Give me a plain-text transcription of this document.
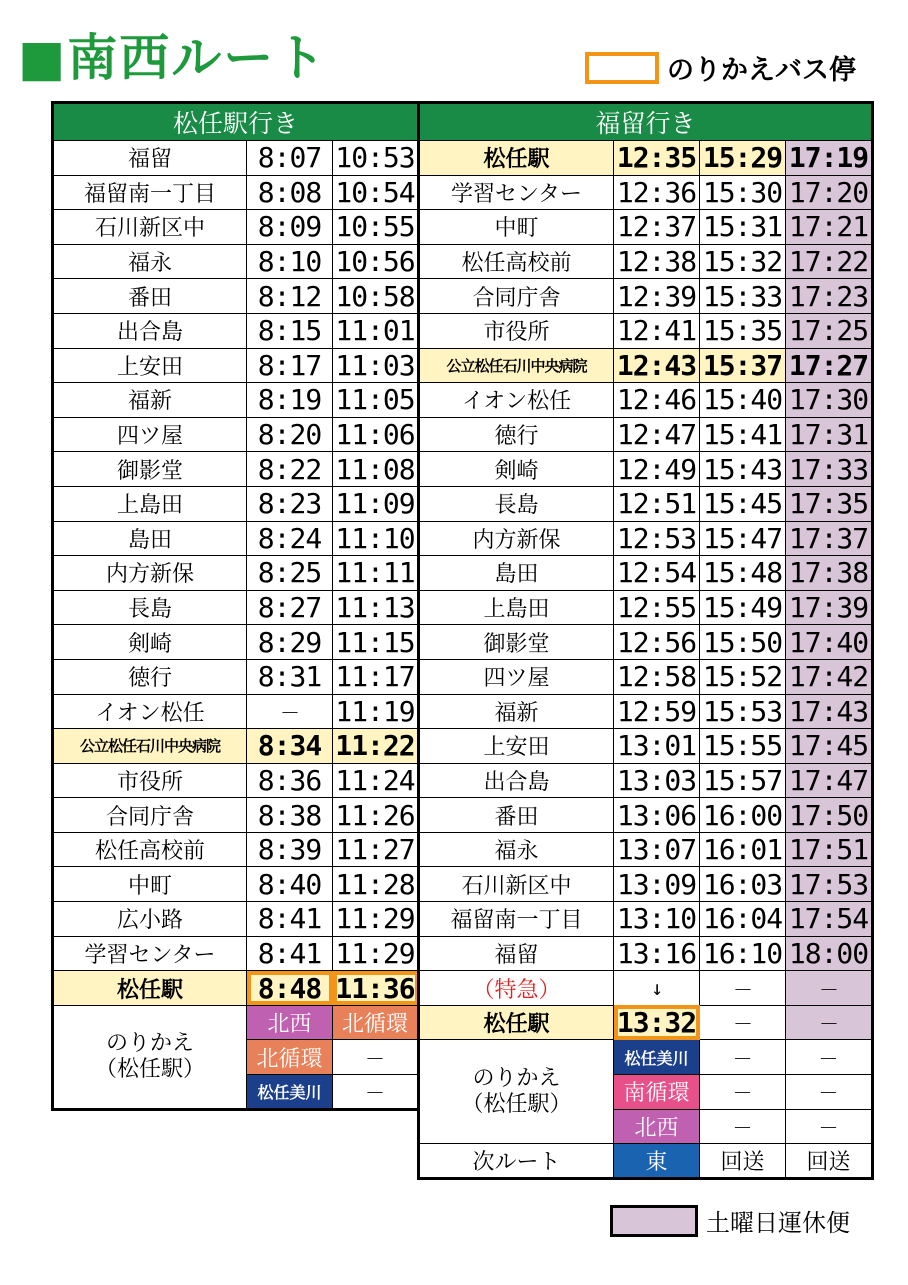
■南西ルート	のりかえバス停
松任駅行き		
福留	8:07	10:53
福留南一丁目	8:08	10:54
石川新区中	8:09	10:55
福永	8:10	10:56
番田	8:12	10:58
出合島	8:15	11:01
上安田	8:17	11:03
福新	8:19	11:05
四ツ屋	8:20	11:06
御影堂	8:22	11:08
上島田	8:23	11:09
島田	8:24	11:10
内方新保	8:25	11:11
長島	8:27	11:13
剣崎	8:29	11:15
徳行	8:31	11:17
イオン松任	－	11:19
公立松任石川中央病院	8:34	11:22
市役所	8:36	11:24
合同庁舎	8:38	11:26
松任高校前	8:39	11:27
中町	8:40	11:28
広小路	8:41	11:29
学習センター	8:41	11:29
松任駅	8:48	11:36
のりかえ
（松任駅）	北西	北循環
	北循環	－
	松任美川	－
福留行き			
松任駅	12:35	15:29	17:19
学習センター	12:36	15:30	17:20
中町	12:37	15:31	17:21
松任高校前	12:38	15:32	17:22
合同庁舎	12:39	15:33	17:23
市役所	12:41	15:35	17:25
公立松任石川中央病院	12:43	15:37	17:27
イオン松任	12:46	15:40	17:30
徳行	12:47	15:41	17:31
剣崎	12:49	15:43	17:33
長島	12:51	15:45	17:35
内方新保	12:53	15:47	17:37
島田	12:54	15:48	17:38
上島田	12:55	15:49	17:39
御影堂	12:56	15:50	17:40
四ツ屋	12:58	15:52	17:42
福新	12:59	15:53	17:43
上安田	13:01	15:55	17:45
出合島	13:03	15:57	17:47
番田	13:06	16:00	17:50
福永	13:07	16:01	17:51
石川新区中	13:09	16:03	17:53
福留南一丁目	13:10	16:04	17:54
福留	13:16	16:10	18:00
（特急）	↓	－	－
松任駅	13:32	－	－
のりかえ
（松任駅）	松任美川	－	－
	南循環	－	－
	北西	－	－
次ルート	東	回送	回送
土曜日運休便
